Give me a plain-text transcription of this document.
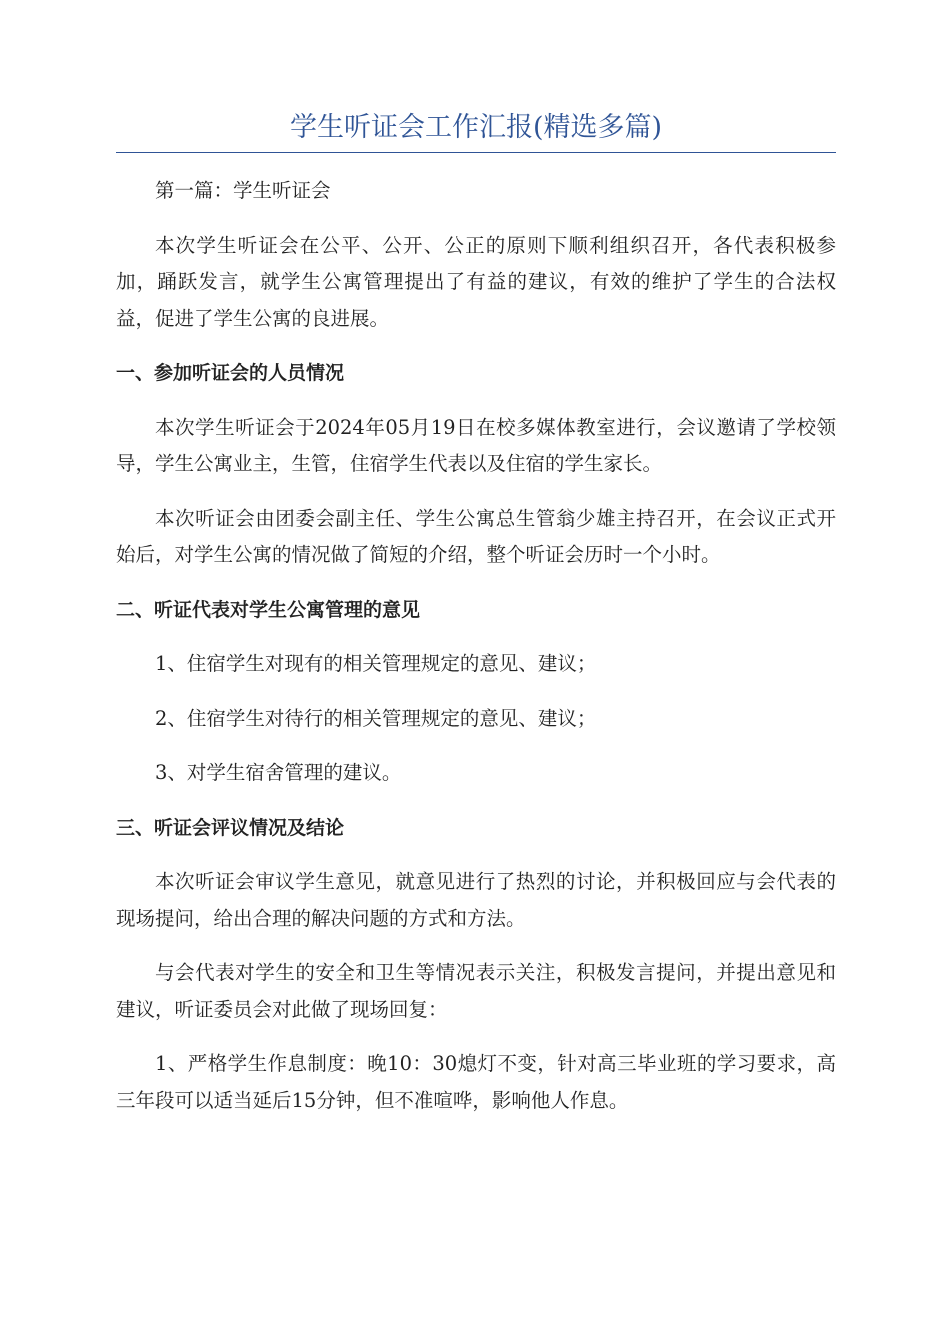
学生听证会工作汇报(精选多篇)

第一篇：学生听证会

本次学生听证会在公平、公开、公正的原则下顺利组织召开，各代表积极参加，踊跃发言，就学生公寓管理提出了有益的建议，有效的维护了学生的合法权益，促进了学生公寓的良进展。

一、参加听证会的人员情况

本次学生听证会于2024年05月19日在校多媒体教室进行，会议邀请了学校领导，学生公寓业主，生管，住宿学生代表以及住宿的学生家长。

本次听证会由团委会副主任、学生公寓总生管翁少雄主持召开，在会议正式开始后，对学生公寓的情况做了简短的介绍，整个听证会历时一个小时。

二、听证代表对学生公寓管理的意见

1、住宿学生对现有的相关管理规定的意见、建议；

2、住宿学生对待行的相关管理规定的意见、建议；

3、对学生宿舍管理的建议。

三、听证会评议情况及结论

本次听证会审议学生意见，就意见进行了热烈的讨论，并积极回应与会代表的现场提问，给出合理的解决问题的方式和方法。

与会代表对学生的安全和卫生等情况表示关注，积极发言提问，并提出意见和建议，听证委员会对此做了现场回复：

1、严格学生作息制度：晚10：30熄灯不变，针对高三毕业班的学习要求，高三年段可以适当延后15分钟，但不准喧哗，影响他人作息。
